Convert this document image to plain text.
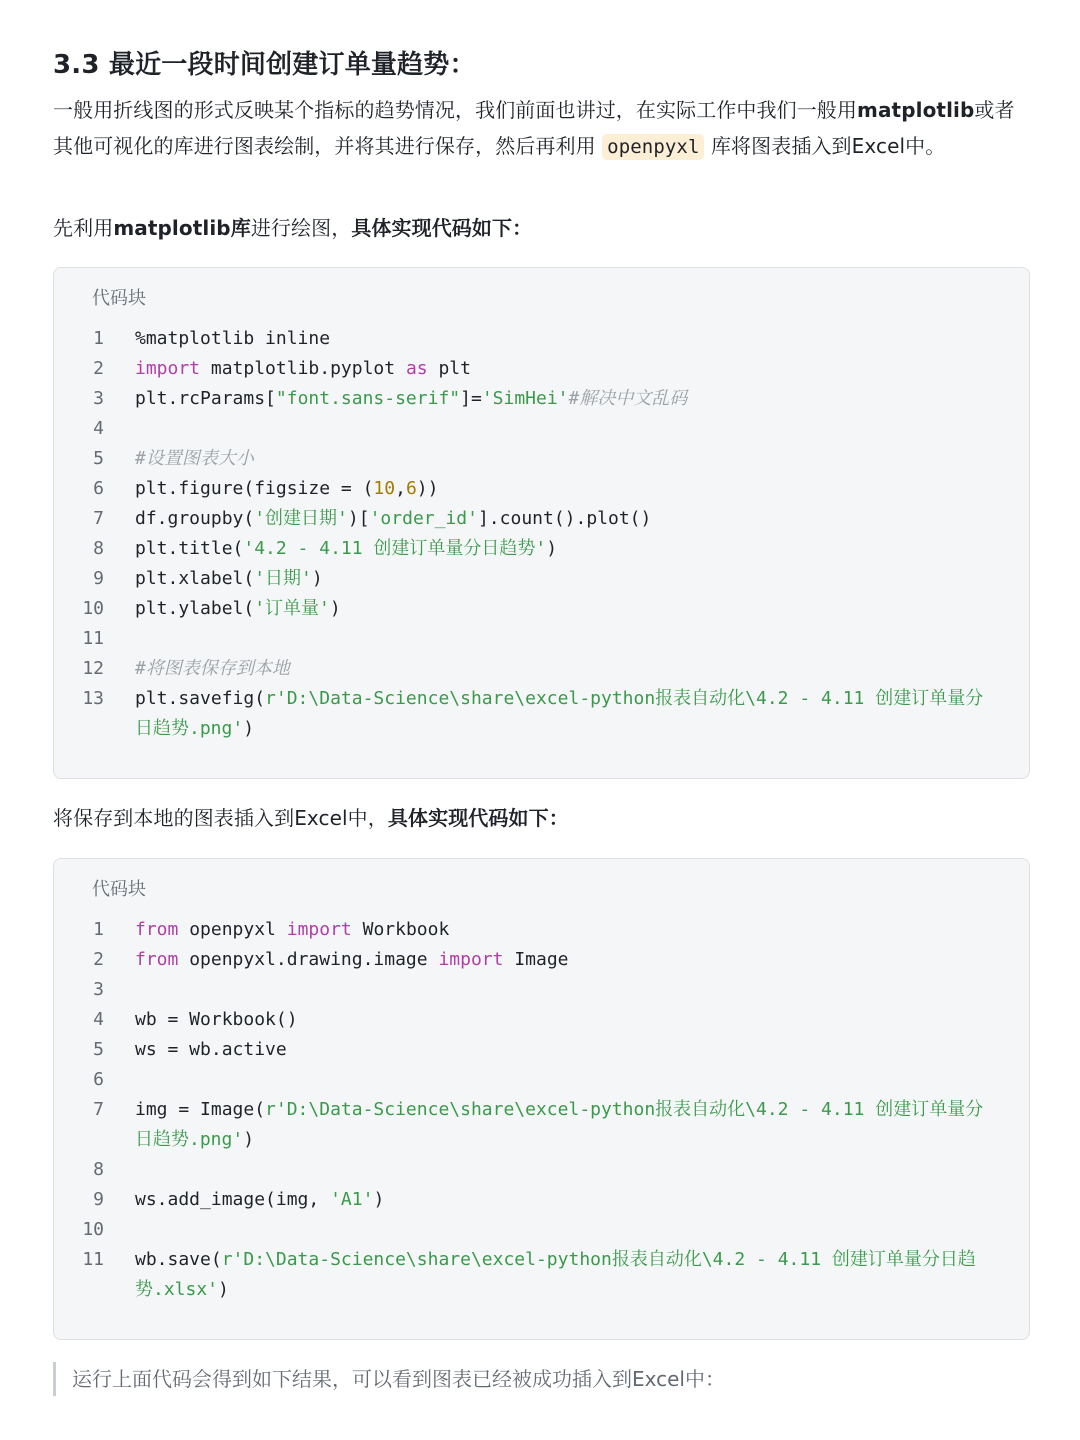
3.3 最近一段时间创建订单量趋势：

一般用折线图的形式反映某个指标的趋势情况，我们前面也讲过，在实际工作中我们一般用matplotlib或者其他可视化的库进行图表绘制，并将其进行保存，然后再利用 openpyxl 库将图表插入到Excel中。

先利用matplotlib库进行绘图，具体实现代码如下：

代码块
1	%matplotlib inline
2	import matplotlib.pyplot as plt
3	plt.rcParams["font.sans-serif"]='SimHei'#解决中文乱码
4
5	#设置图表大小
6	plt.figure(figsize = (10,6))
7	df.groupby('创建日期')['order_id'].count().plot()
8	plt.title('4.2 - 4.11 创建订单量分日趋势')
9	plt.xlabel('日期')
10	plt.ylabel('订单量')
11
12	#将图表保存到本地
13	plt.savefig(r'D:\Data-Science\share\excel-python报表自动化\4.2 - 4.11 创建订单量分日趋势.png')

将保存到本地的图表插入到Excel中，具体实现代码如下：

代码块
1	from openpyxl import Workbook
2	from openpyxl.drawing.image import Image
3
4	wb = Workbook()
5	ws = wb.active
6
7	img = Image(r'D:\Data-Science\share\excel-python报表自动化\4.2 - 4.11 创建订单量分日趋势.png')
8
9	ws.add_image(img, 'A1')
10
11	wb.save(r'D:\Data-Science\share\excel-python报表自动化\4.2 - 4.11 创建订单量分日趋势.xlsx')
运行上面代码会得到如下结果，可以看到图表已经被成功插入到Excel中：
